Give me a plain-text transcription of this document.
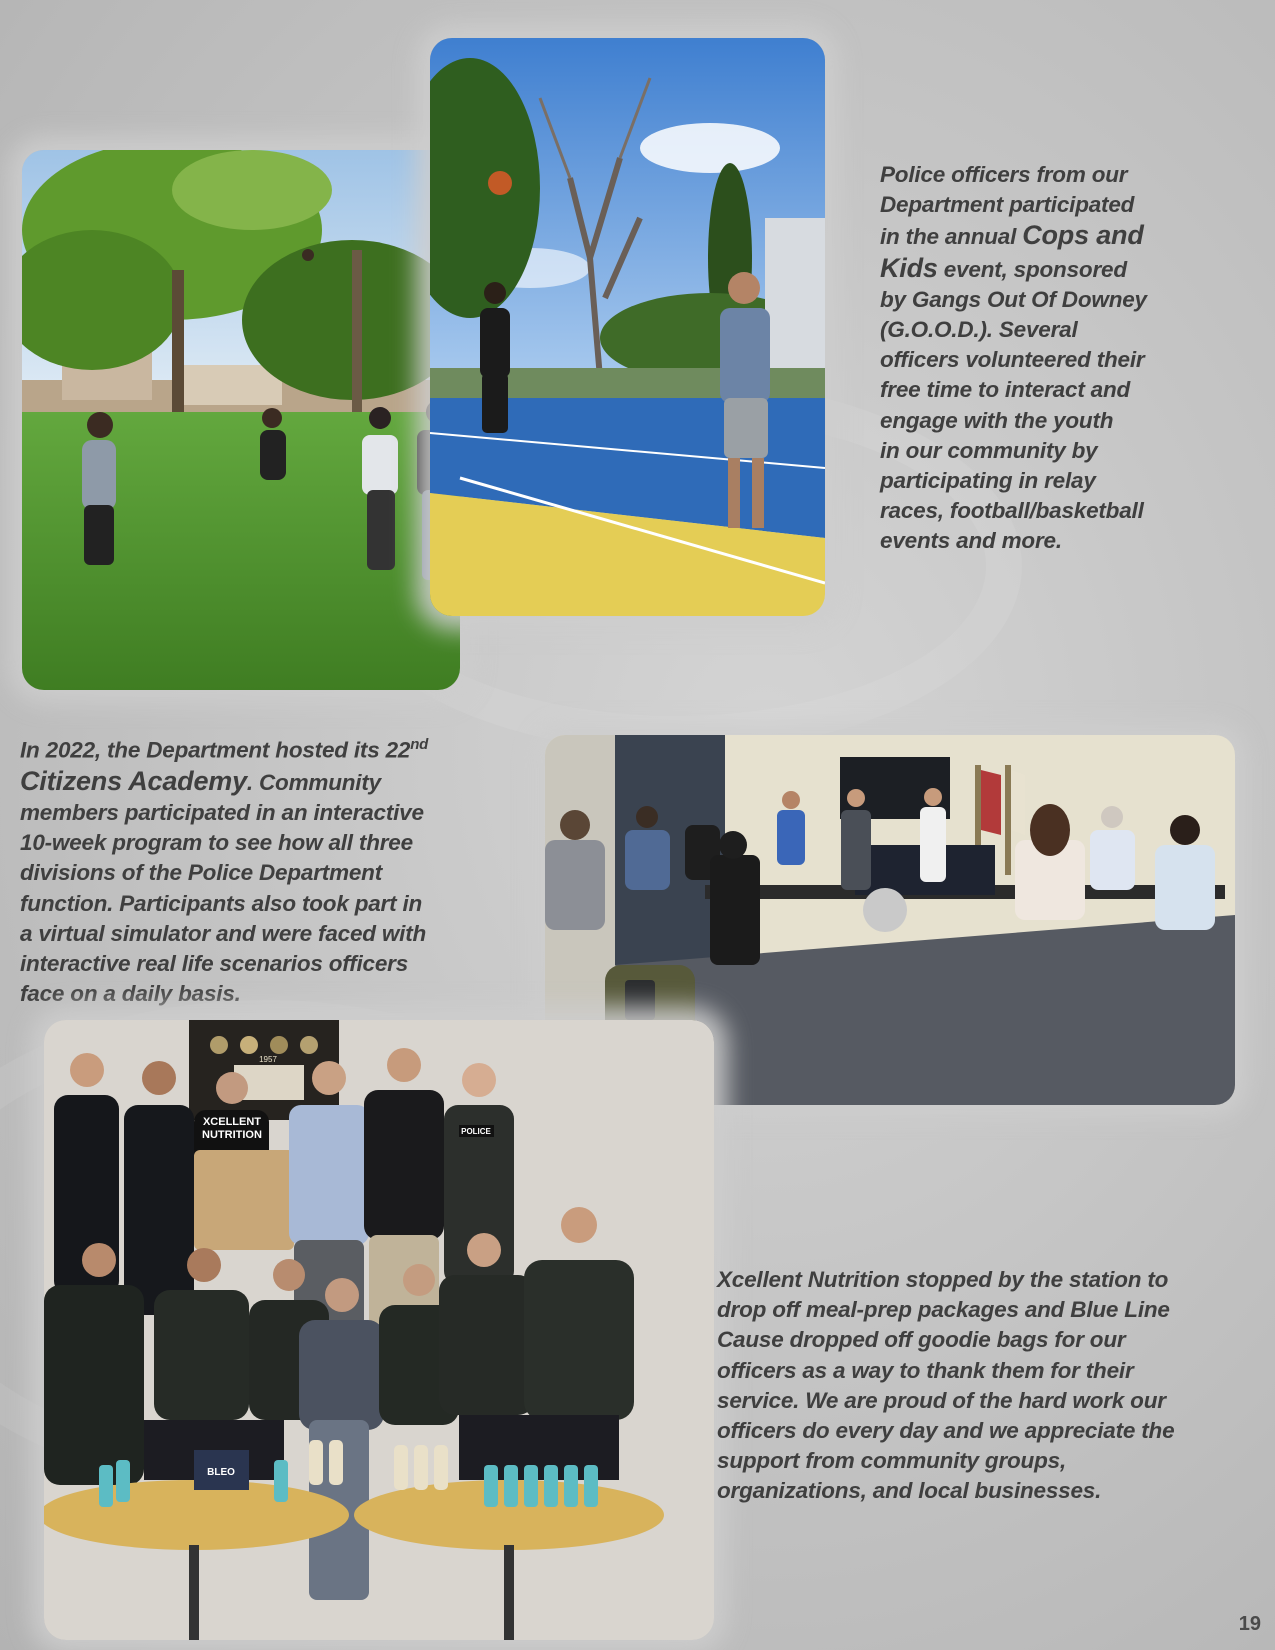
Police officers from our
Department participated
in the annual Cops and
Kids event, sponsored
by Gangs Out Of Downey
(G.O.O.D.). Several
officers volunteered their
free time to interact and
engage with the youth
in our community by
participating in relay
races, football/basketball
events and more.
In 2022, the Department hosted its 22nd
Citizens Academy. Community
members participated in an interactive
10-week program to see how all three
divisions of the Police Department
function. Participants also took part in
a virtual simulator and were faced with
interactive real life scenarios officers
face on a daily basis.
1957
XCELLENT
NUTRITION	POLICE
BLEO
Xcellent Nutrition stopped by the station to
drop off meal-prep packages and Blue Line
Cause dropped off goodie bags for our
officers as a way to thank them for their
service. We are proud of the hard work our
officers do every day and we appreciate the
support from community groups,
organizations, and local businesses.
19
